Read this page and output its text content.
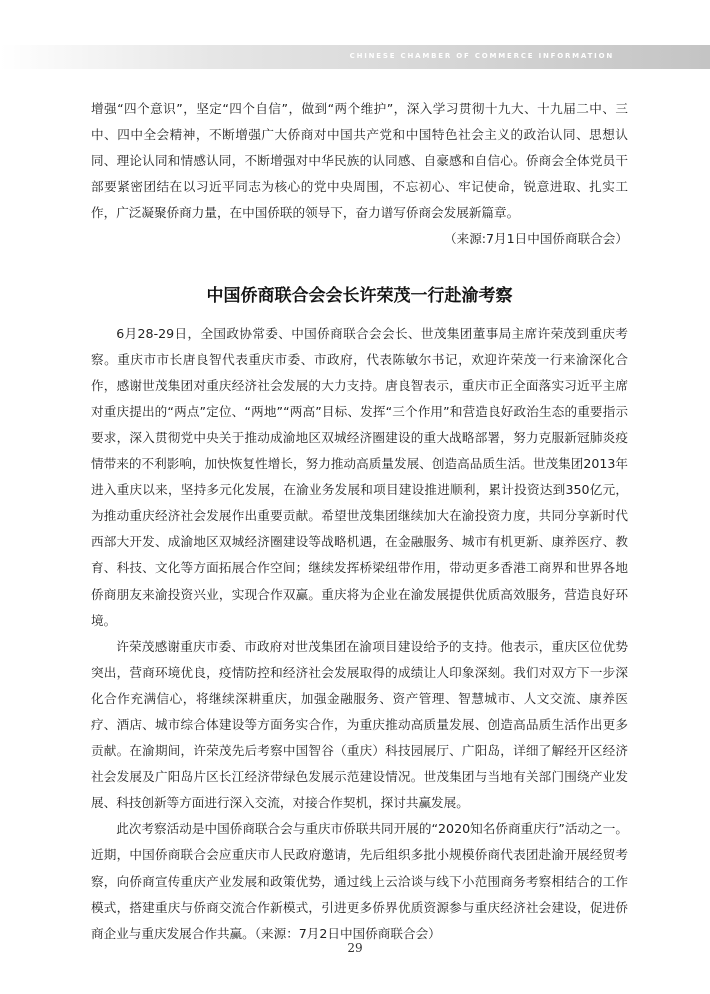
CHINESE CHAMBER OF COMMERCE INFORMATION

增强“四个意识”，坚定“四个自信”，做到“两个维护”，深入学习贯彻十九大、十九届二中、三中、四中全会精神，不断增强广大侨商对中国共产党和中国特色社会主义的政治认同、思想认同、理论认同和情感认同，不断增强对中华民族的认同感、自豪感和自信心。侨商会全体党员干部要紧密团结在以习近平同志为核心的党中央周围，不忘初心、牢记使命，锐意进取、扎实工作，广泛凝聚侨商力量，在中国侨联的领导下，奋力谱写侨商会发展新篇章。

（来源:7月1日中国侨商联合会）

中国侨商联合会会长许荣茂一行赴渝考察

6月28-29日，全国政协常委、中国侨商联合会会长、世茂集团董事局主席许荣茂到重庆考察。重庆市市长唐良智代表重庆市委、市政府，代表陈敏尔书记，欢迎许荣茂一行来渝深化合作，感谢世茂集团对重庆经济社会发展的大力支持。唐良智表示，重庆市正全面落实习近平主席对重庆提出的“两点”定位、“两地”“两高”目标、发挥“三个作用”和营造良好政治生态的重要指示要求，深入贯彻党中央关于推动成渝地区双城经济圈建设的重大战略部署，努力克服新冠肺炎疫情带来的不利影响，加快恢复性增长，努力推动高质量发展、创造高品质生活。世茂集团2013年进入重庆以来，坚持多元化发展，在渝业务发展和项目建设推进顺利，累计投资达到350亿元，为推动重庆经济社会发展作出重要贡献。希望世茂集团继续加大在渝投资力度，共同分享新时代西部大开发、成渝地区双城经济圈建设等战略机遇，在金融服务、城市有机更新、康养医疗、教育、科技、文化等方面拓展合作空间；继续发挥桥梁纽带作用，带动更多香港工商界和世界各地侨商朋友来渝投资兴业，实现合作双赢。重庆将为企业在渝发展提供优质高效服务，营造良好环境。

许荣茂感谢重庆市委、市政府对世茂集团在渝项目建设给予的支持。他表示，重庆区位优势突出，营商环境优良，疫情防控和经济社会发展取得的成绩让人印象深刻。我们对双方下一步深化合作充满信心，将继续深耕重庆，加强金融服务、资产管理、智慧城市、人文交流、康养医疗、酒店、城市综合体建设等方面务实合作，为重庆推动高质量发展、创造高品质生活作出更多贡献。在渝期间，许荣茂先后考察中国智谷（重庆）科技园展厅、广阳岛，详细了解经开区经济社会发展及广阳岛片区长江经济带绿色发展示范建设情况。世茂集团与当地有关部门围绕产业发展、科技创新等方面进行深入交流，对接合作契机，探讨共赢发展。

此次考察活动是中国侨商联合会与重庆市侨联共同开展的“2020知名侨商重庆行”活动之一。近期，中国侨商联合会应重庆市人民政府邀请，先后组织多批小规模侨商代表团赴渝开展经贸考察，向侨商宣传重庆产业发展和政策优势，通过线上云洽谈与线下小范围商务考察相结合的工作模式，搭建重庆与侨商交流合作新模式，引进更多侨界优质资源参与重庆经济社会建设，促进侨商企业与重庆发展合作共赢。（来源：7月2日中国侨商联合会）

29
